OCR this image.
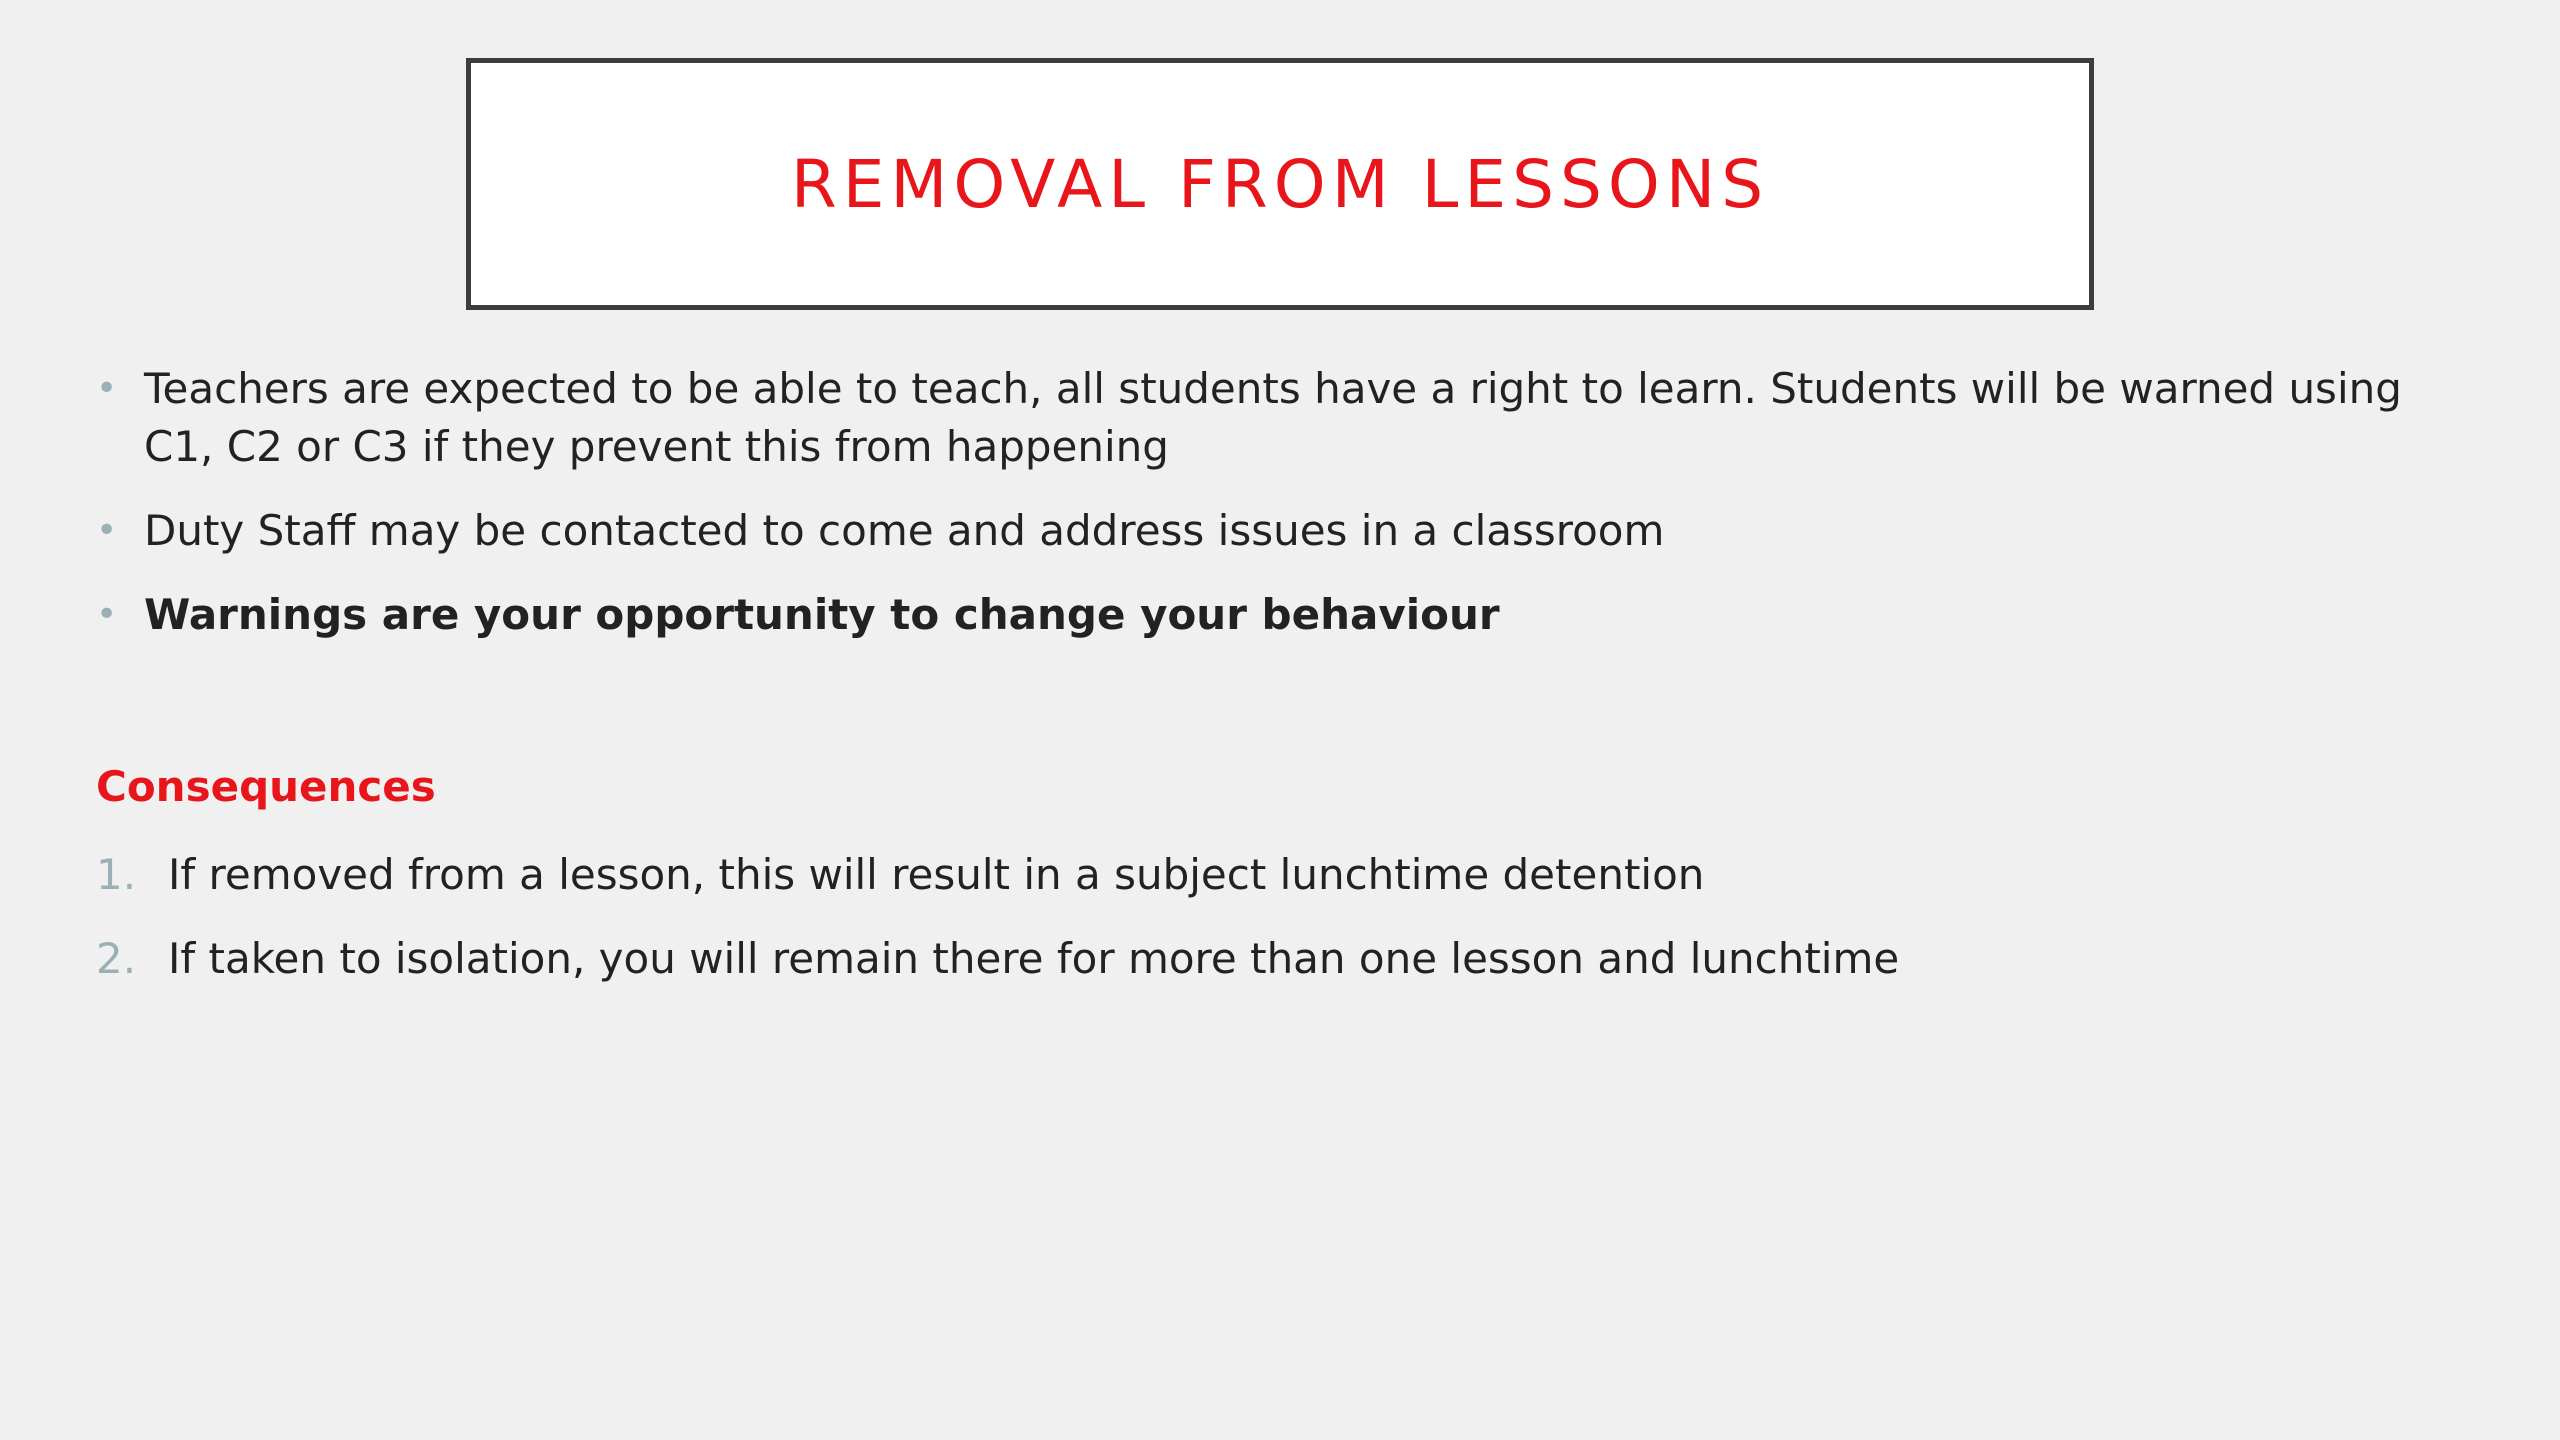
REMOVAL FROM LESSONS
• Teachers are expected to be able to teach, all students have a right to learn. Students will be warned using C1, C2 or C3 if they prevent this from happening
• Duty Staff may be contacted to come and address issues in a classroom
• Warnings are your opportunity to change your behaviour
Consequences
1. If removed from a lesson, this will result in a subject lunchtime detention
2. If taken to isolation, you will remain there for more than one lesson and lunchtime
